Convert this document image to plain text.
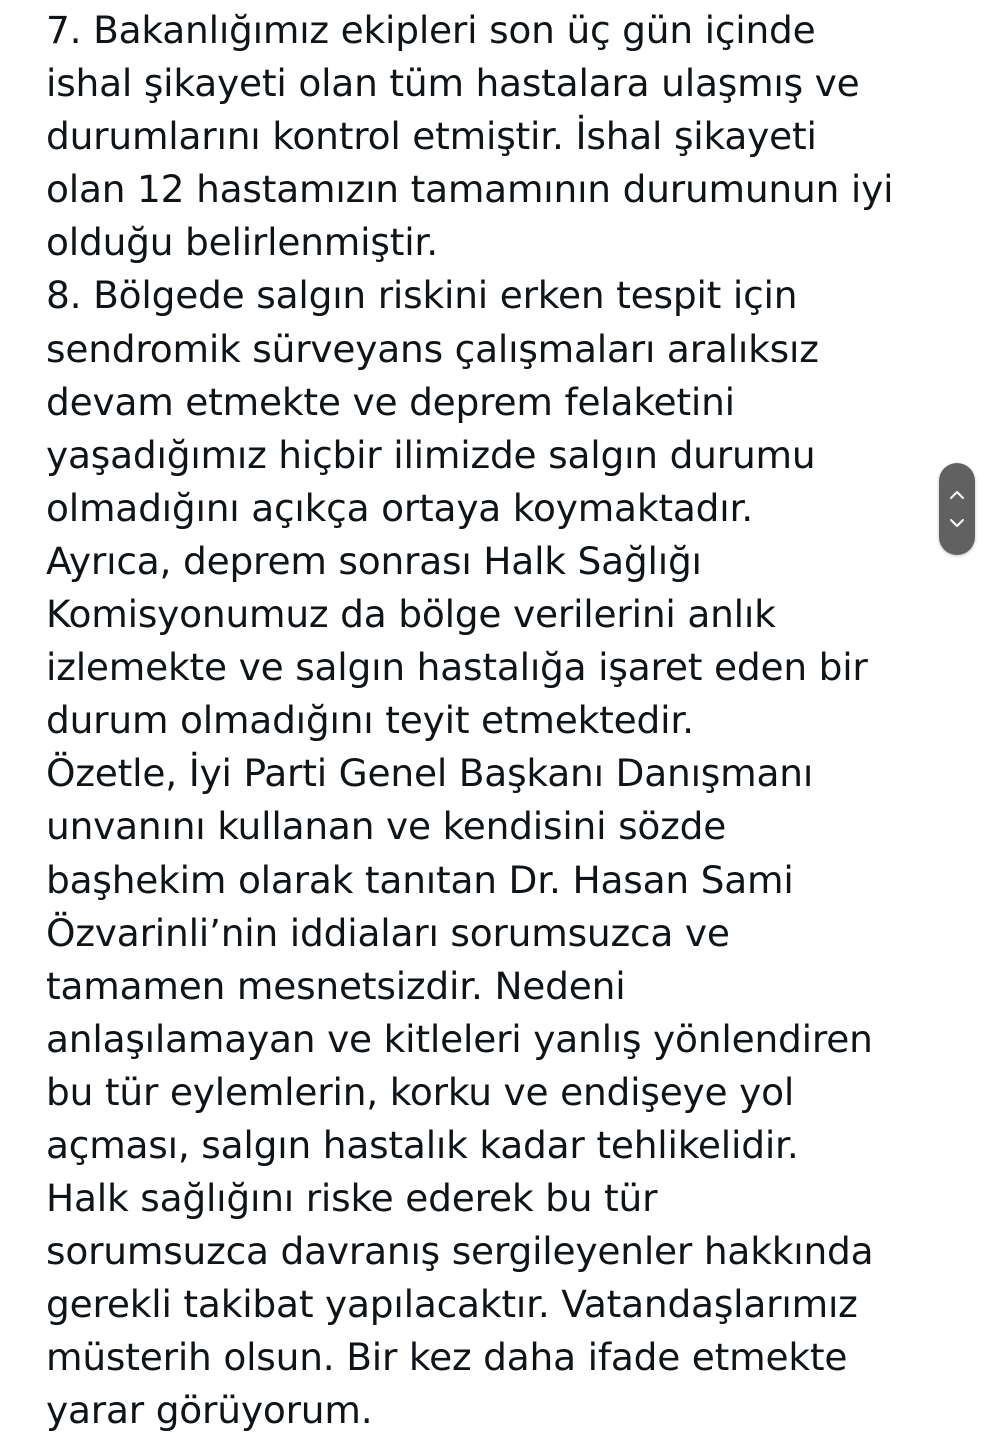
7. Bakanlığımız ekipleri son üç gün içinde
ishal şikayeti olan tüm hastalara ulaşmış ve
durumlarını kontrol etmiştir. İshal şikayeti
olan 12 hastamızın tamamının durumunun iyi
olduğu belirlenmiştir.
8. Bölgede salgın riskini erken tespit için
sendromik sürveyans çalışmaları aralıksız
devam etmekte ve deprem felaketini
yaşadığımız hiçbir ilimizde salgın durumu
olmadığını açıkça ortaya koymaktadır.
Ayrıca, deprem sonrası Halk Sağlığı
Komisyonumuz da bölge verilerini anlık
izlemekte ve salgın hastalığa işaret eden bir
durum olmadığını teyit etmektedir.
Özetle, İyi Parti Genel Başkanı Danışmanı
unvanını kullanan ve kendisini sözde
başhekim olarak tanıtan Dr. Hasan Sami
Özvarinli’nin iddiaları sorumsuzca ve
tamamen mesnetsizdir. Nedeni
anlaşılamayan ve kitleleri yanlış yönlendiren
bu tür eylemlerin, korku ve endişeye yol
açması, salgın hastalık kadar tehlikelidir.
Halk sağlığını riske ederek bu tür
sorumsuzca davranış sergileyenler hakkında
gerekli takibat yapılacaktır. Vatandaşlarımız
müsterih olsun. Bir kez daha ifade etmekte
yarar görüyorum.
